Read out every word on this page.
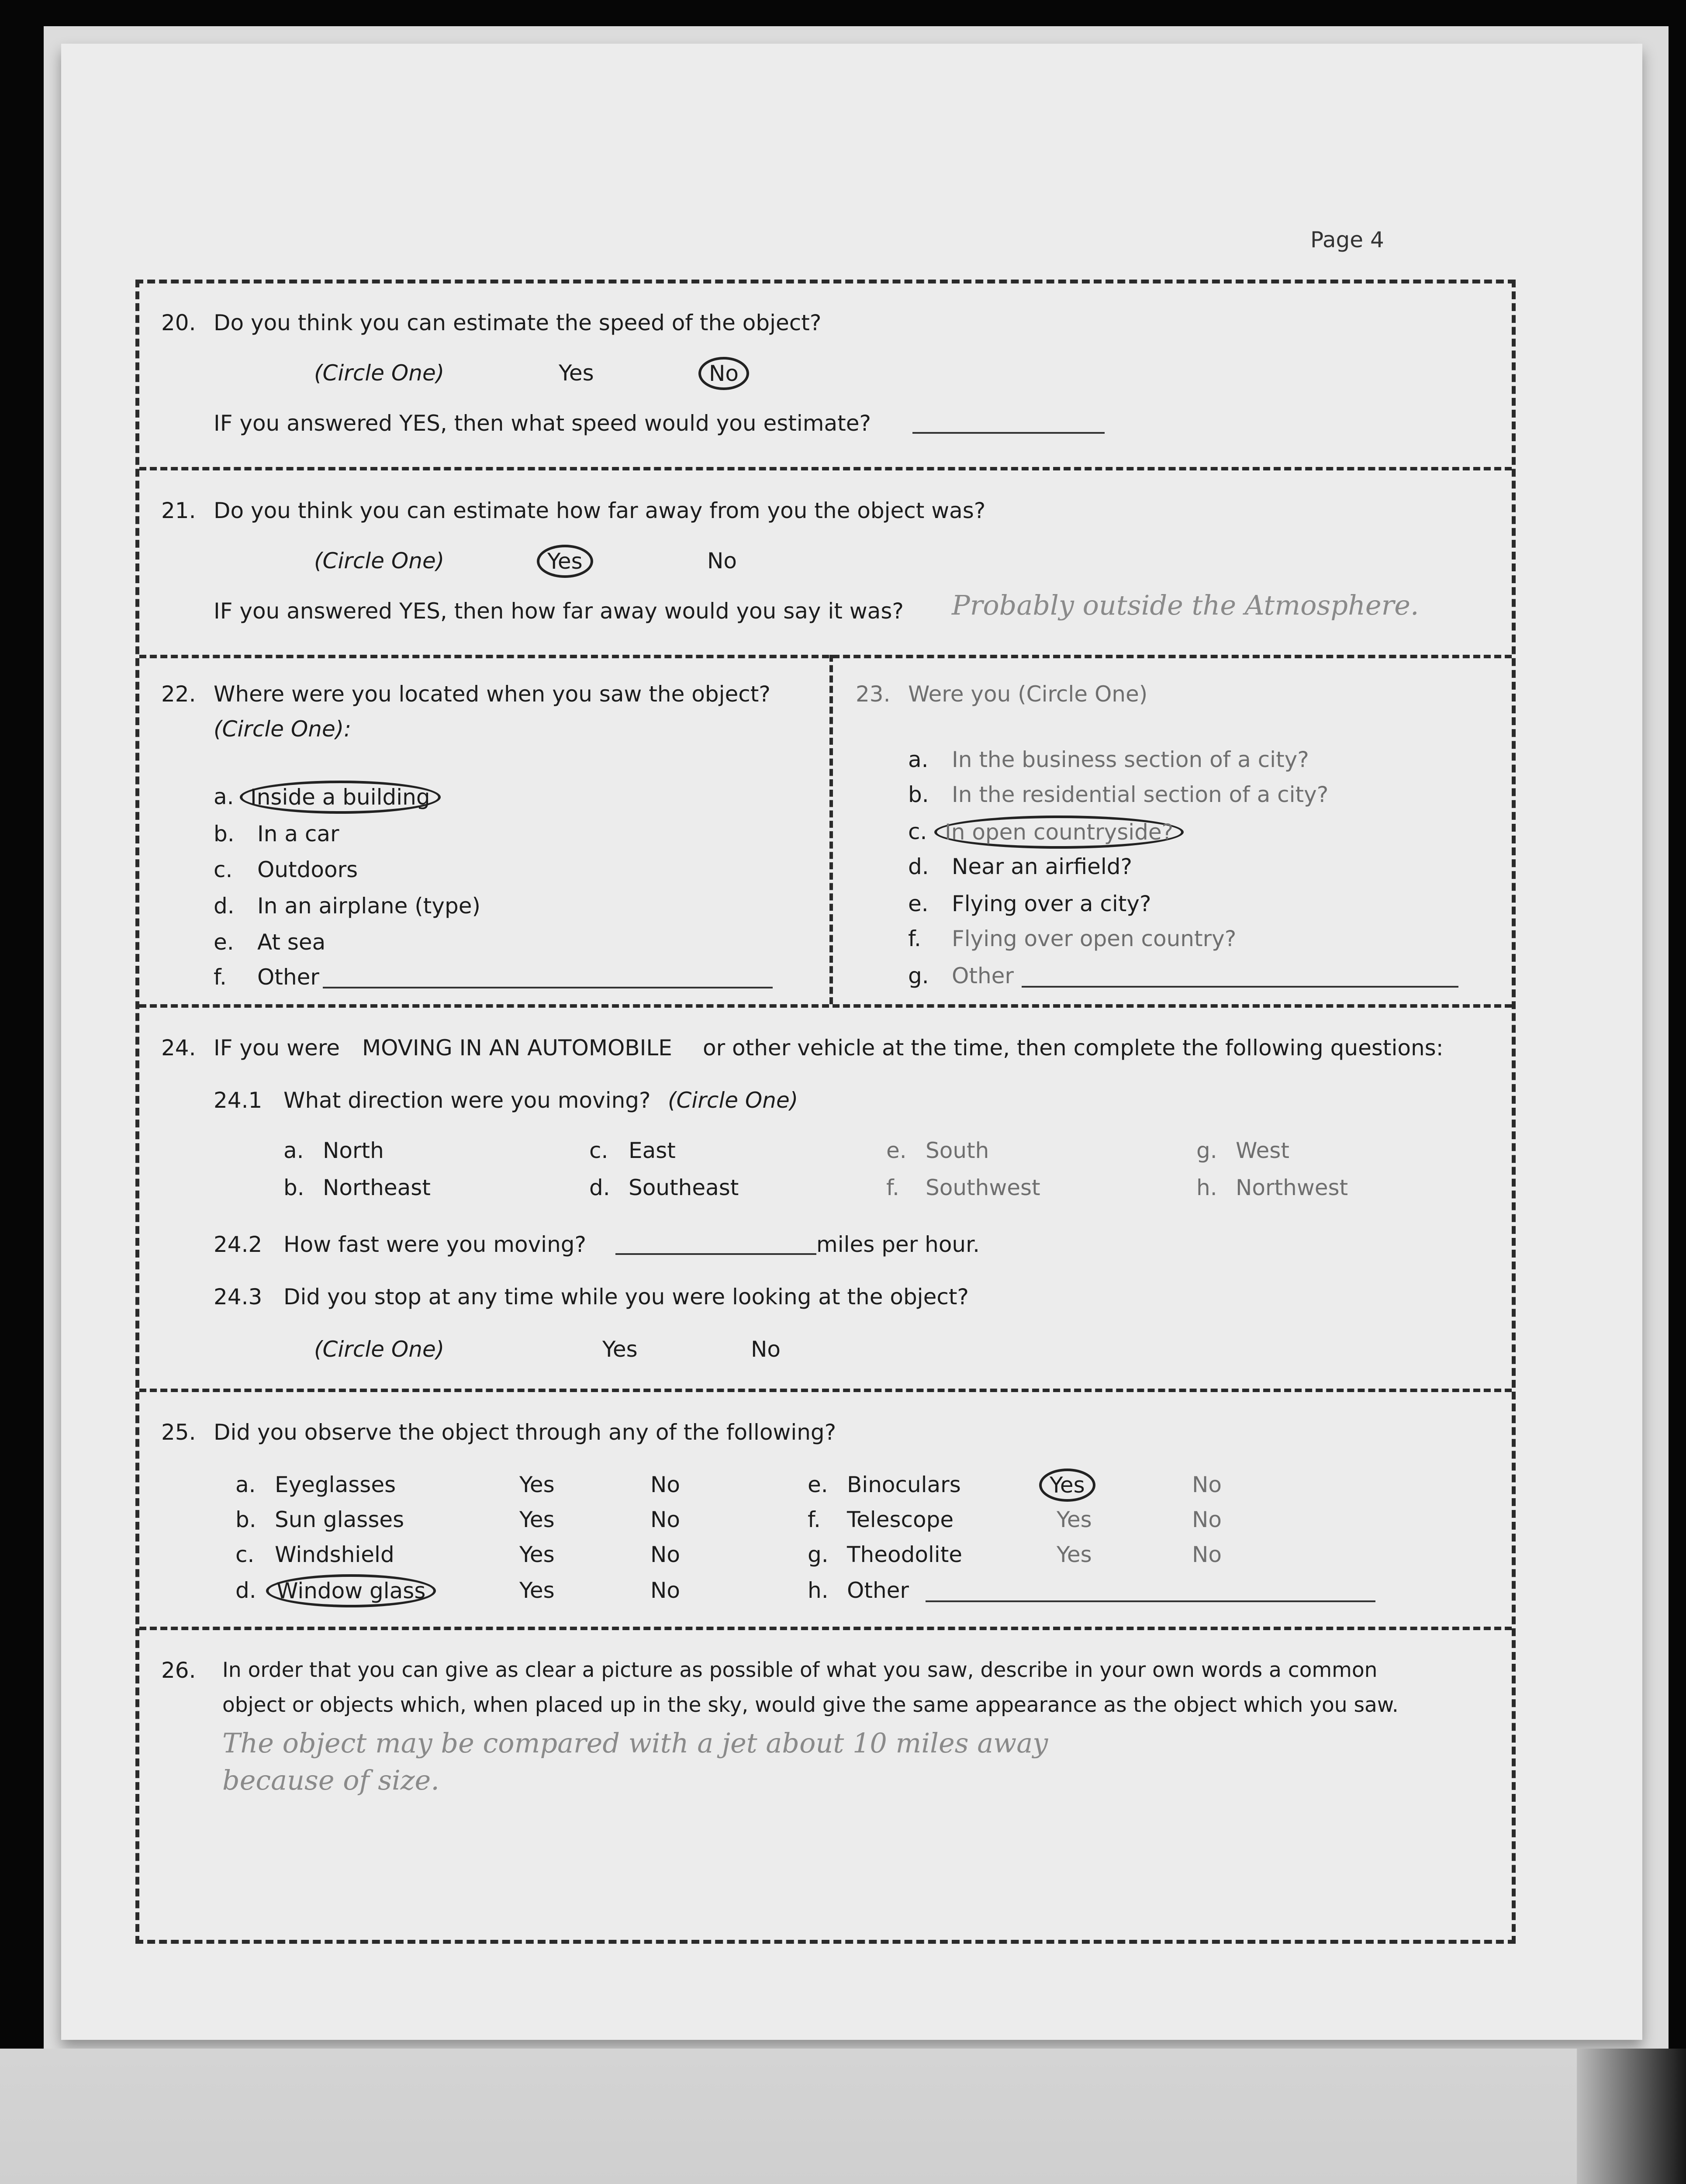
Page 4
20. Do you think you can estimate the speed of the object?
(Circle One)	Yes	No
IF you answered YES, then what speed would you estimate?
21. Do you think you can estimate how far away from you the object was?
(Circle One)	Yes	No
IF you answered YES, then how far away would you say it was? Probably outside the Atmosphere.
22. Where were you located when you saw the object?
(Circle One):
a. Inside a building
b. In a car
c. Outdoors
d. In an airplane (type)
e. At sea
f. Other
23. Were you (Circle One)
a. In the business section of a city?
b. In the residential section of a city?
c. In open countryside?
d. Near an airfield?
e. Flying over a city?
f. Flying over open country?
g. Other
24. IF you were MOVING IN AN AUTOMOBILE or other vehicle at the time, then complete the following questions:
24.1 What direction were you moving? (Circle One)
a. North
b. Northeast
c. East
d. Southeast
e. South
f. Southwest
g. West
h. Northwest
24.2 How fast were you moving?	miles per hour.
24.3 Did you stop at any time while you were looking at the object?
(Circle One)	Yes	No
25. Did you observe the object through any of the following?
a. Eyeglasses	Yes	No
b. Sun glasses	Yes	No
c. Windshield	Yes	No
d. Window glass	Yes	No
e. Binoculars	Yes	No
f. Telescope	Yes	No
g. Theodolite	Yes	No
h. Other
26. In order that you can give as clear a picture as possible of what you saw, describe in your own words a common
object or objects which, when placed up in the sky, would give the same appearance as the object which you saw.
The object may be compared with a jet about 10 miles away
because of size.
